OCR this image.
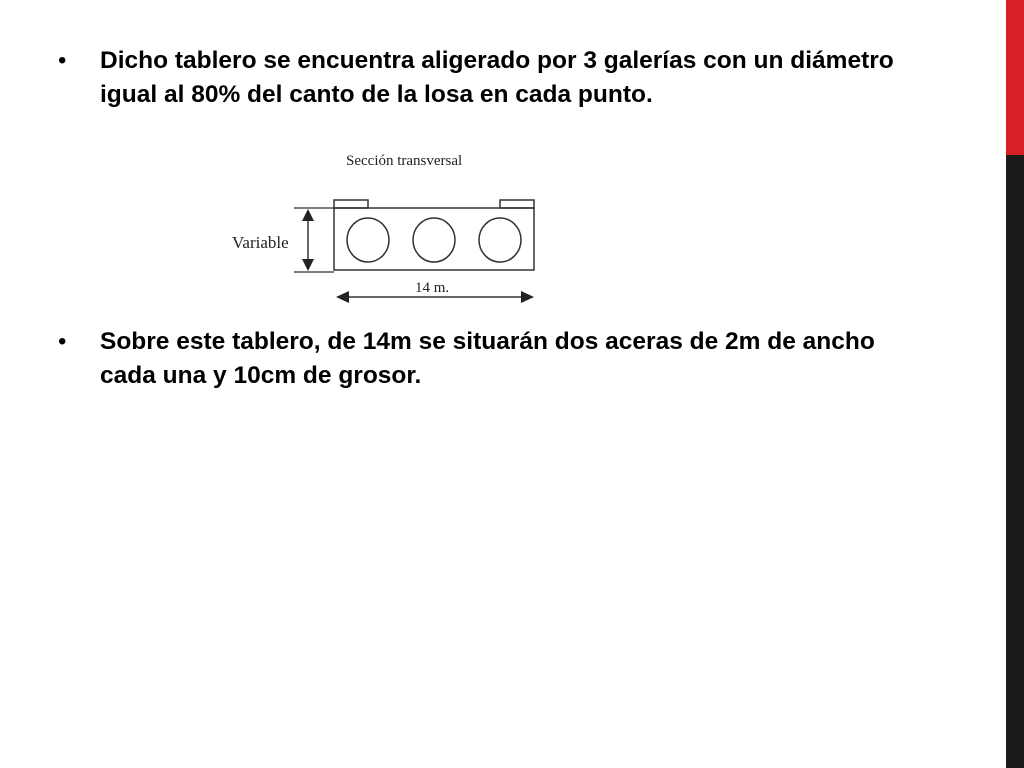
•	Dicho tablero se encuentra aligerado por 3 galerías con un diámetro igual al 80% del canto de la losa en cada punto.
Sección transversal
Variable
14 m.
•	Sobre este tablero, de 14m se situarán dos aceras de 2m de ancho cada una y 10cm de grosor.
